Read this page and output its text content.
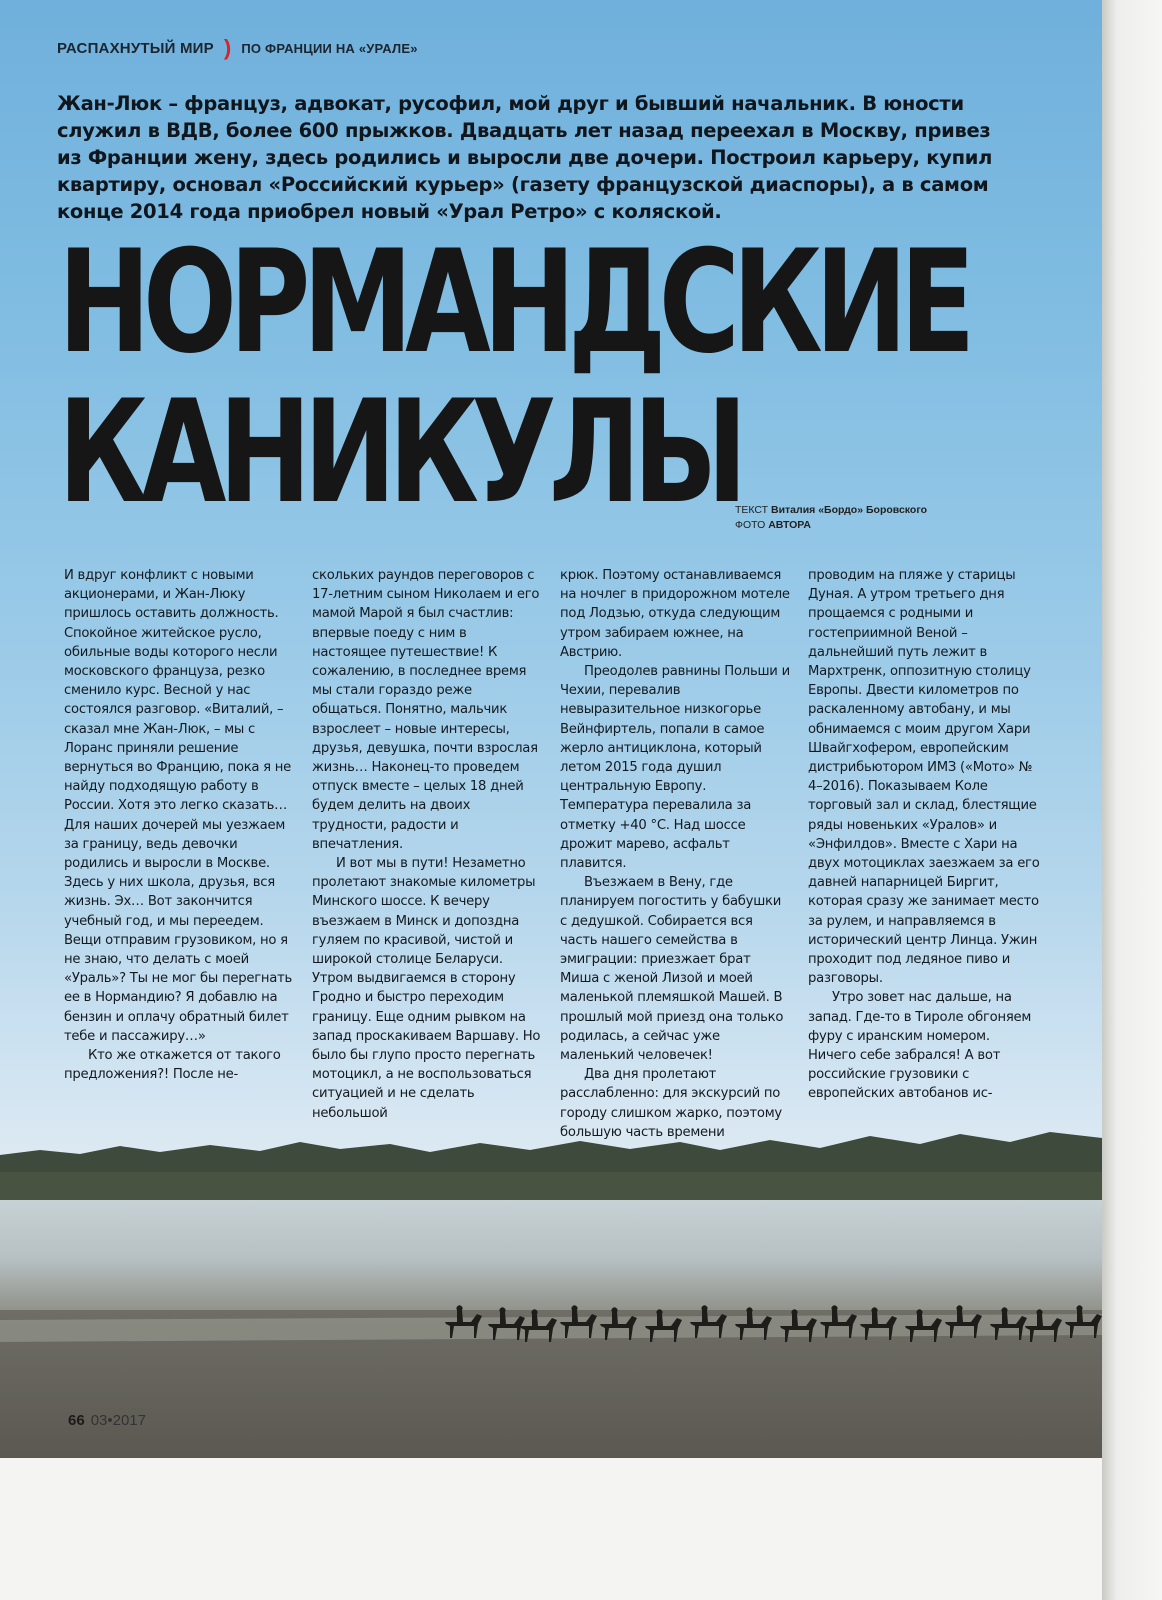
РАСПАХНУТЫЙ МИР ) ПО ФРАНЦИИ НА «УРАЛЕ»
Жан-Люк – француз, адвокат, русофил, мой друг и бывший начальник. В юности служил в ВДВ, более 600 прыжков. Двадцать лет назад переехал в Москву, привез из Франции жену, здесь родились и выросли две дочери. Построил карьеру, купил квартиру, основал «Российский курьер» (газету французской диаспоры), а в самом конце 2014 года приобрел новый «Урал Ретро» с коляской.
НОРМАНДСКИЕ
КАНИКУЛЫ
ТЕКСТ Виталия «Бордо» Боровского
ФОТО АВТОРА

И вдруг конфликт с новыми акционерами, и Жан-Люку пришлось оставить должность. Спокойное житейское русло, обильные воды которого несли московского француза, резко сменило курс. Весной у нас состоялся разговор. «Виталий, – сказал мне Жан-Люк, – мы с Лоранс приняли решение вернуться во Францию, пока я не найду подходящую работу в России. Хотя это легко сказать… Для наших дочерей мы уезжаем за границу, ведь девочки родились и выросли в Москве. Здесь у них школа, друзья, вся жизнь. Эх… Вот закончится учебный год, и мы переедем. Вещи отправим грузовиком, но я не знаю, что делать с моей «Ураль»? Ты не мог бы перегнать ее в Нормандию? Я добавлю на бензин и оплачу обратный билет тебе и пассажиру…»

Кто же откажется от такого предложения?! После не-

скольких раундов переговоров с 17-летним сыном Николаем и его мамой Марой я был счастлив: впервые поеду с ним в настоящее путешествие! К сожалению, в последнее время мы стали гораздо реже общаться. Понятно, мальчик взрослеет – новые интересы, друзья, девушка, почти взрослая жизнь… Наконец-то проведем отпуск вместе – целых 18 дней будем делить на двоих трудности, радости и впечатления.

И вот мы в пути! Незаметно пролетают знакомые километры Минского шоссе. К вечеру въезжаем в Минск и допоздна гуляем по красивой, чистой и широкой столице Беларуси. Утром выдвигаемся в сторону Гродно и быстро переходим границу. Еще одним рывком на запад проскакиваем Варшаву. Но было бы глупо просто перегнать мотоцикл, а не воспользоваться ситуацией и не сделать небольшой

крюк. Поэтому останавливаемся на ночлег в придорожном мотеле под Лодзью, откуда следующим утром забираем южнее, на Австрию.

Преодолев равнины Польши и Чехии, перевалив невыразительное низкогорье Вейнфиртель, попали в самое жерло антициклона, который летом 2015 года душил центральную Европу. Температура перевалила за отметку +40 °C. Над шоссе дрожит марево, асфальт плавится.

Въезжаем в Вену, где планируем погостить у бабушки с дедушкой. Собирается вся часть нашего семейства в эмиграции: приезжает брат Миша с женой Лизой и моей маленькой племяшкой Машей. В прошлый мой приезд она только родилась, а сейчас уже маленький человечек!

Два дня пролетают расслабленно: для экскурсий по городу слишком жарко, поэтому

проводим на пляже у старицы Дуная. А утром третьего дня прощаемся с родными и гостеприимной Веной – дальнейший путь лежит в Мархтренк, оппозитную столицу Европы. Двести километров по раскаленному автобану, и мы обнимаемся с моим другом Хари Швайгхофером, европейским дистрибьютором ИМЗ («Мото» № 4–2016). Показываем Коле торговый зал и склад, блестящие ряды новеньких «Уралов» и «Энфилдов». Вместе с Хари на двух мотоциклах заезжаем за его давней напарницей Биргит, которая сразу же занимает место за рулем, и направляемся в исторический центр Линца. Ужин проходит под ледяное пиво и разговоры.

Утро зовет нас дальше, на запад. Где-то в Тироле обгоняем фуру с иранским номером. Ничего себе забрался! А вот российские грузовики с европейских автобанов ис-

66 03•2017
